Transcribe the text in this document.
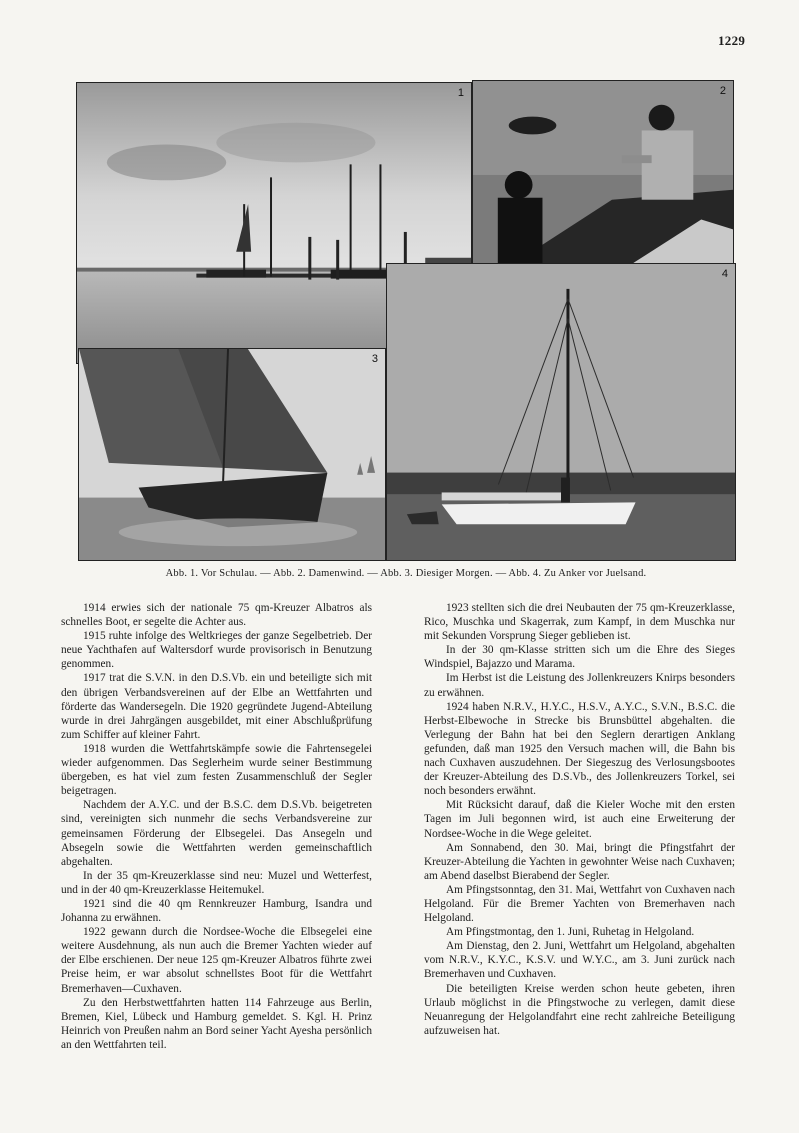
1229
1	2
3
4
Abb. 1. Vor Schulau. — Abb. 2. Damenwind. — Abb. 3. Diesiger Morgen. — Abb. 4. Zu Anker vor Juelsand.

1914 erwies sich der nationale 75 qm-Kreuzer Albatros als schnelles Boot, er segelte die Achter aus.

1915 ruhte infolge des Weltkrieges der ganze Segelbetrieb. Der neue Yachthafen auf Waltersdorf wurde provisorisch in Benutzung genommen.

1917 trat die S.V.N. in den D.S.Vb. ein und beteiligte sich mit den übrigen Verbandsvereinen auf der Elbe an Wettfahrten und förderte das Wandersegeln. Die 1920 gegründete Jugend-Abteilung wurde in drei Jahrgängen ausgebildet, mit einer Abschlußprüfung zum Schiffer auf kleiner Fahrt.

1918 wurden die Wettfahrtskämpfe sowie die Fahrtensegelei wieder aufgenommen. Das Seglerheim wurde seiner Bestimmung übergeben, es hat viel zum festen Zusammenschluß der Segler beigetragen.

Nachdem der A.Y.C. und der B.S.C. dem D.S.Vb. beigetreten sind, vereinigten sich nunmehr die sechs Verbandsvereine zur gemeinsamen Förderung der Elbsegelei. Das Ansegeln und Absegeln sowie die Wettfahrten werden gemeinschaftlich abgehalten.

In der 35 qm-Kreuzerklasse sind neu: Muzel und Wetterfest, und in der 40 qm-Kreuzerklasse Heitemukel.

1921 sind die 40 qm Rennkreuzer Hamburg, Isandra und Johanna zu erwähnen.

1922 gewann durch die Nordsee-Woche die Elbsegelei eine weitere Ausdehnung, als nun auch die Bremer Yachten wieder auf der Elbe erschienen. Der neue 125 qm-Kreuzer Albatros führte zwei Preise heim, er war absolut schnellstes Boot für die Wettfahrt Bremerhaven—Cuxhaven.

Zu den Herbstwettfahrten hatten 114 Fahrzeuge aus Berlin, Bremen, Kiel, Lübeck und Hamburg gemeldet. S. Kgl. H. Prinz Heinrich von Preußen nahm an Bord seiner Yacht Ayesha persönlich an den Wettfahrten teil.

1923 stellten sich die drei Neubauten der 75 qm-Kreuzerklasse, Rico, Muschka und Skagerrak, zum Kampf, in dem Muschka nur mit Sekunden Vorsprung Sieger geblieben ist.

In der 30 qm-Klasse stritten sich um die Ehre des Sieges Windspiel, Bajazzo und Marama.

Im Herbst ist die Leistung des Jollenkreuzers Knirps besonders zu erwähnen.

1924 haben N.R.V., H.Y.C., H.S.V., A.Y.C., S.V.N., B.S.C. die Herbst-Elbewoche in Strecke bis Brunsbüttel abgehalten. die Verlegung der Bahn hat bei den Seglern derartigen Anklang gefunden, daß man 1925 den Versuch machen will, die Bahn bis nach Cuxhaven auszudehnen. Der Siegeszug des Verlosungsbootes der Kreuzer-Abteilung des D.S.Vb., des Jollenkreuzers Torkel, sei noch besonders erwähnt.

Mit Rücksicht darauf, daß die Kieler Woche mit den ersten Tagen im Juli begonnen wird, ist auch eine Erweiterung der Nordsee-Woche in die Wege geleitet.

Am Sonnabend, den 30. Mai, bringt die Pfingstfahrt der Kreuzer-Abteilung die Yachten in gewohnter Weise nach Cuxhaven; am Abend daselbst Bierabend der Segler.

Am Pfingstsonntag, den 31. Mai, Wettfahrt von Cuxhaven nach Helgoland. Für die Bremer Yachten von Bremerhaven nach Helgoland.

Am Pfingstmontag, den 1. Juni, Ruhetag in Helgoland.

Am Dienstag, den 2. Juni, Wettfahrt um Helgoland, abgehalten vom N.R.V., K.Y.C., K.S.V. und W.Y.C., am 3. Juni zurück nach Bremerhaven und Cuxhaven.

Die beteiligten Kreise werden schon heute gebeten, ihren Urlaub möglichst in die Pfingstwoche zu verlegen, damit diese Neuanregung der Helgolandfahrt eine recht zahlreiche Beteiligung aufzuweisen hat.
